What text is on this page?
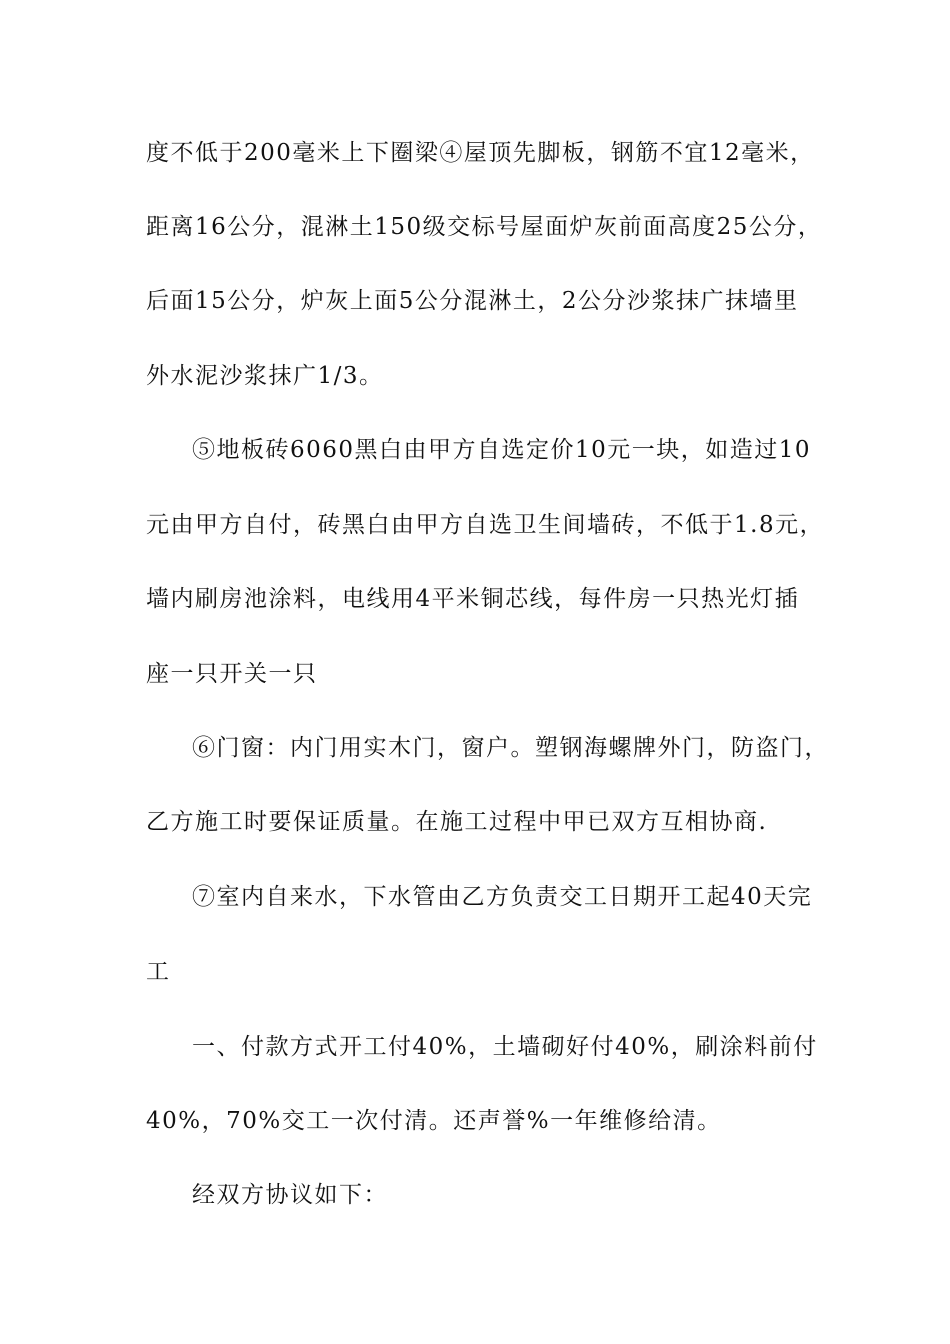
度不低于200毫米上下圈梁④屋顶先脚板，钢筋不宜12毫米，
距离16公分，混淋土150级交标号屋面炉灰前面高度25公分，
后面15公分，炉灰上面5公分混淋土，2公分沙浆抹广抹墙里
外水泥沙浆抹广1/3。
⑤地板砖6060黑白由甲方自选定价10元一块，如造过10
元由甲方自付，砖黑白由甲方自选卫生间墙砖，不低于1.8元，
墙内刷房池涂料，电线用4平米铜芯线，每件房一只热光灯插
座一只开关一只
⑥门窗：内门用实木门，窗户。塑钢海螺牌外门，防盗门，
乙方施工时要保证质量。在施工过程中甲已双方互相协商.
⑦室内自来水，下水管由乙方负责交工日期开工起40天完
工
一、付款方式开工付40%，土墙砌好付40%，刷涂料前付
40%，70%交工一次付清。还声誉%一年维修给清。
经双方协议如下：
